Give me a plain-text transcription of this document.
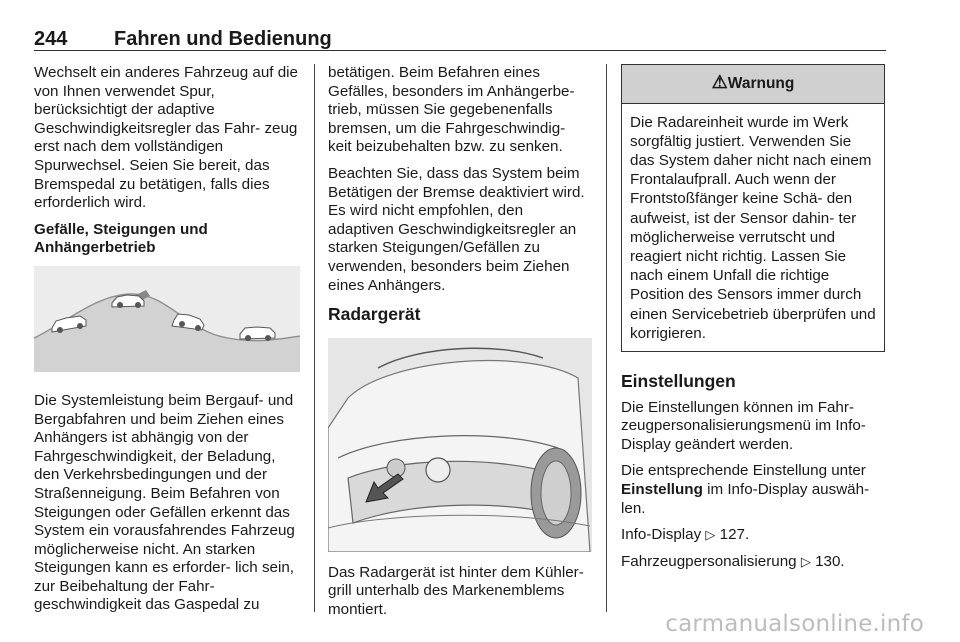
244 Fahren und Bedienung

Wechselt ein anderes Fahrzeug auf die von Ihnen verwendet Spur, berücksichtigt der adaptive Geschwindigkeitsregler das Fahr- zeug erst nach dem vollständigen Spurwechsel. Seien Sie bereit, das Bremspedal zu betätigen, falls dies erforderlich wird.

Gefälle, Steigungen und Anhängerbetrieb

Die Systemleistung beim Bergauf- und Bergabfahren und beim Ziehen eines Anhängers ist abhängig von der Fahrgeschwindigkeit, der Beladung, den Verkehrsbedingungen und der Straßenneigung. Beim Befahren von Steigungen oder Gefällen erkennt das System ein vorausfahrendes Fahrzeug möglicherweise nicht. An starken Steigungen kann es erforder- lich sein, zur Beibehaltung der Fahr- geschwindigkeit das Gaspedal zu

betätigen. Beim Befahren eines Gefälles, besonders im Anhängerbe- trieb, müssen Sie gegebenenfalls bremsen, um die Fahrgeschwindig- keit beizubehalten bzw. zu senken.

Beachten Sie, dass das System beim Betätigen der Bremse deaktiviert wird. Es wird nicht empfohlen, den adaptiven Geschwindigkeitsregler an starken Steigungen/Gefällen zu verwenden, besonders beim Ziehen eines Anhängers.

Radargerät

Das Radargerät ist hinter dem Kühler- grill unterhalb des Markenemblems montiert.

⚠Warnung
Die Radareinheit wurde im Werk sorgfältig justiert. Verwenden Sie das System daher nicht nach einem Frontalaufprall. Auch wenn der Frontstoßfänger keine Schä- den aufweist, ist der Sensor dahin- ter möglicherweise verrutscht und reagiert nicht richtig. Lassen Sie nach einem Unfall die richtige Position des Sensors immer durch einen Servicebetrieb überprüfen und korrigieren.
Einstellungen

Die Einstellungen können im Fahr- zeugpersonalisierungsmenü im Info- Display geändert werden.

Die entsprechende Einstellung unter Einstellung im Info-Display auswäh- len.

Info-Display ▷ 127.

Fahrzeugpersonalisierung ▷ 130.

carmanualsonline.info
